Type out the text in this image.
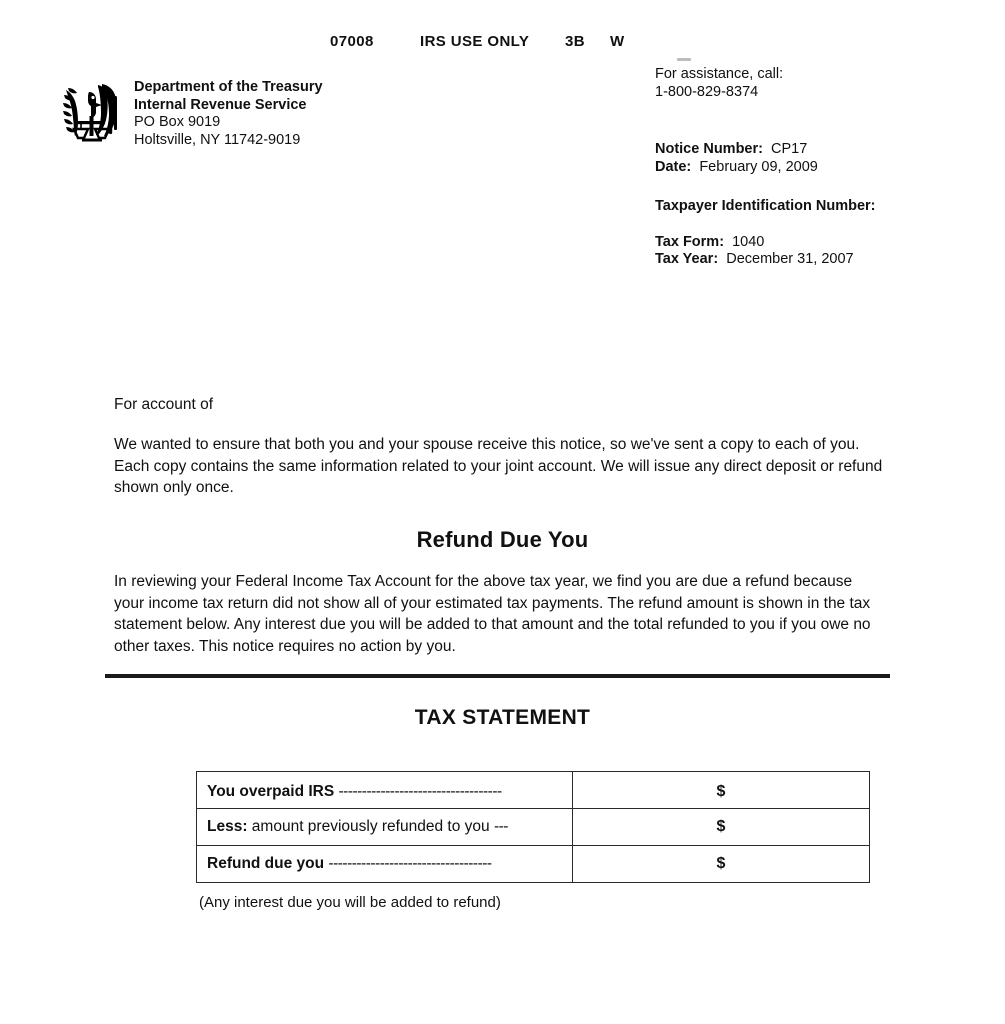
07008	IRS USE ONLY	3B	W
Department of the Treasury
Internal Revenue Service
PO Box 9019
Holtsville, NY 11742-9019
For assistance, call:
1-800-829-8374
Notice Number: CP17
Date: February 09, 2009
Taxpayer Identification Number:
Tax Form: 1040
Tax Year: December 31, 2007
For account of
We wanted to ensure that both you and your spouse receive this notice, so we've sent a copy to each of you. Each copy contains the same information related to your joint account. We will issue any direct deposit or refund shown only once.
Refund Due You
In reviewing your Federal Income Tax Account for the above tax year, we find you are due a refund because your income tax return did not show all of your estimated tax payments. The refund amount is shown in the tax statement below. Any interest due you will be added to that amount and the total refunded to you if you owe no other taxes. This notice requires no action by you.
TAX STATEMENT
You overpaid IRS -----------------------------------	$

Less: amount previously refunded to you ---	$
Refund due you -----------------------------------	$
(Any interest due you will be added to refund)
